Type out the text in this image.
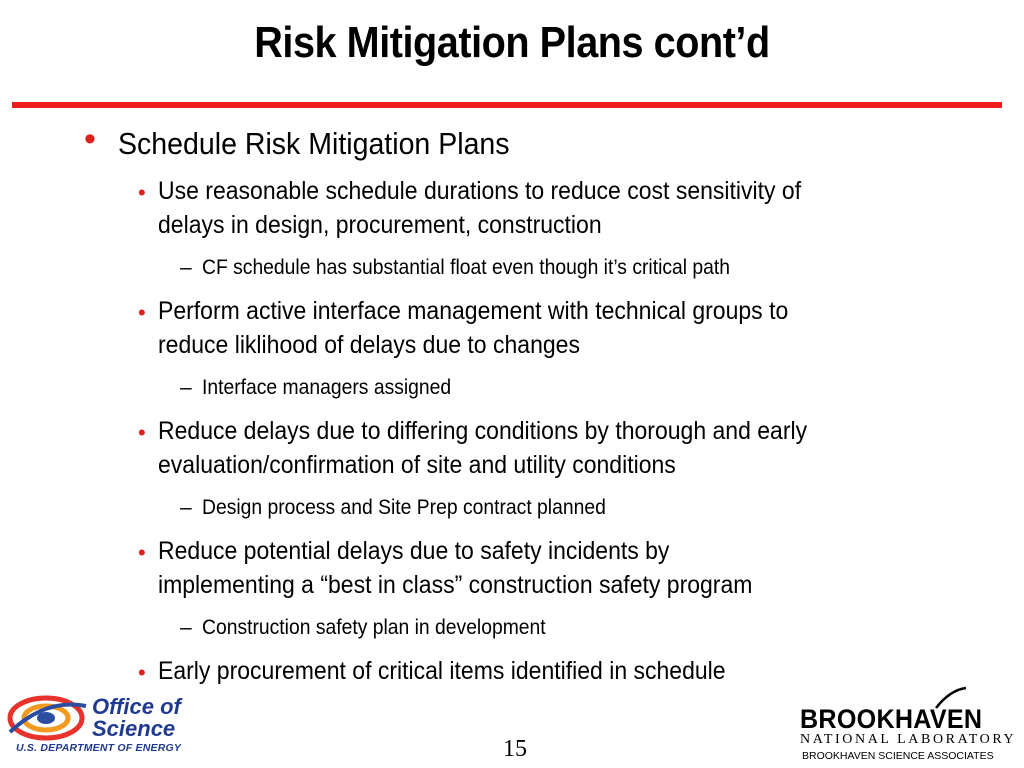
Risk Mitigation Plans cont’d
• Schedule Risk Mitigation Plans
• Use reasonable schedule durations to reduce cost sensitivity of
delays in design, procurement, construction
– CF schedule has substantial float even though it’s critical path
• Perform active interface management with technical groups to
reduce liklihood of delays due to changes
– Interface managers assigned
• Reduce delays due to differing conditions by thorough and early
evaluation/confirmation of site and utility conditions
– Design process and Site Prep contract planned
• Reduce potential delays due to safety incidents by
implementing a “best in class” construction safety program
– Construction safety plan in development
• Early procurement of critical items identified in schedule
Office of
Science
U.S. DEPARTMENT OF ENERGY	15
BROOKHAVEN
NATIONAL LABORATORY
BROOKHAVEN SCIENCE ASSOCIATES
